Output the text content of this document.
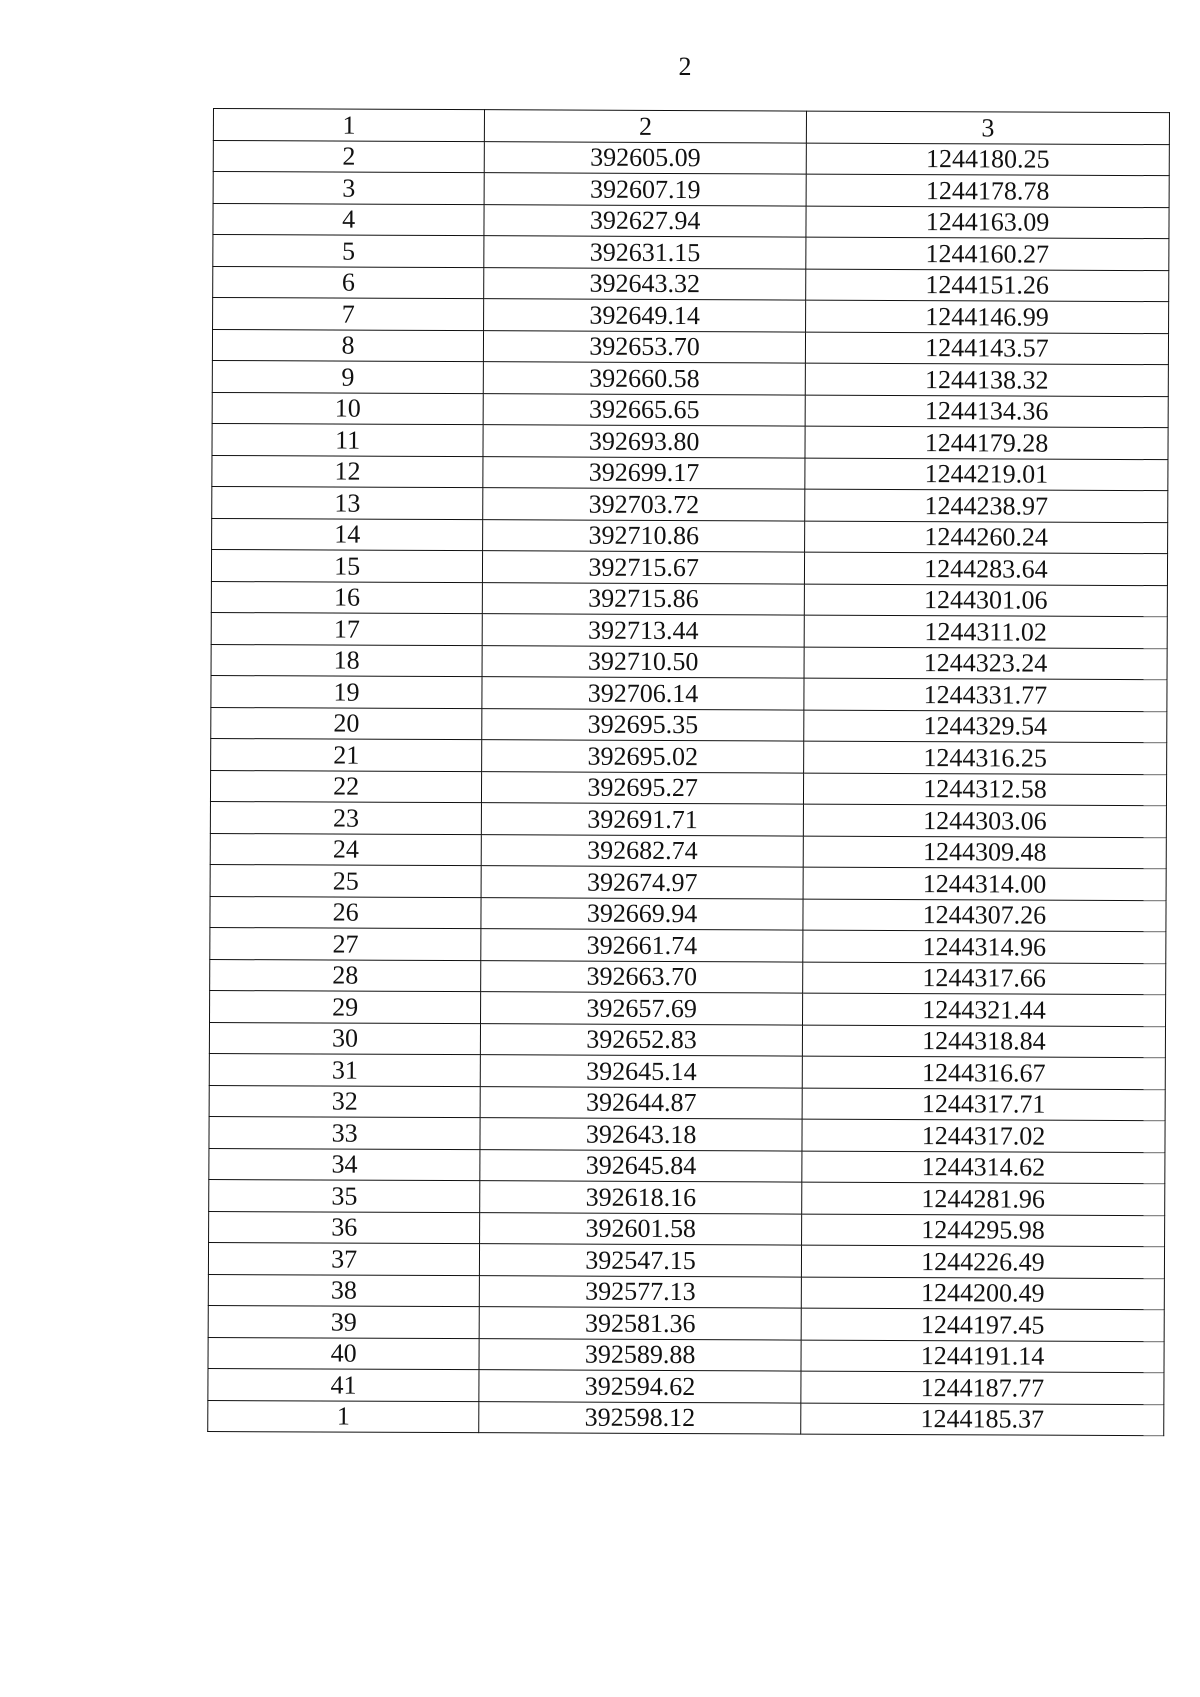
2
1	2	3
2	392605.09	1244180.25
3	392607.19	1244178.78
4	392627.94	1244163.09
5	392631.15	1244160.27
6	392643.32	1244151.26
7	392649.14	1244146.99
8	392653.70	1244143.57
9	392660.58	1244138.32
10	392665.65	1244134.36
11	392693.80	1244179.28
12	392699.17	1244219.01
13	392703.72	1244238.97
14	392710.86	1244260.24
15	392715.67	1244283.64
16	392715.86	1244301.06
17	392713.44	1244311.02
18	392710.50	1244323.24
19	392706.14	1244331.77
20	392695.35	1244329.54
21	392695.02	1244316.25
22	392695.27	1244312.58
23	392691.71	1244303.06
24	392682.74	1244309.48
25	392674.97	1244314.00
26	392669.94	1244307.26
27	392661.74	1244314.96
28	392663.70	1244317.66
29	392657.69	1244321.44
30	392652.83	1244318.84
31	392645.14	1244316.67
32	392644.87	1244317.71
33	392643.18	1244317.02
34	392645.84	1244314.62
35	392618.16	1244281.96
36	392601.58	1244295.98
37	392547.15	1244226.49
38	392577.13	1244200.49
39	392581.36	1244197.45
40	392589.88	1244191.14
41	392594.62	1244187.77
1	392598.12	1244185.37
